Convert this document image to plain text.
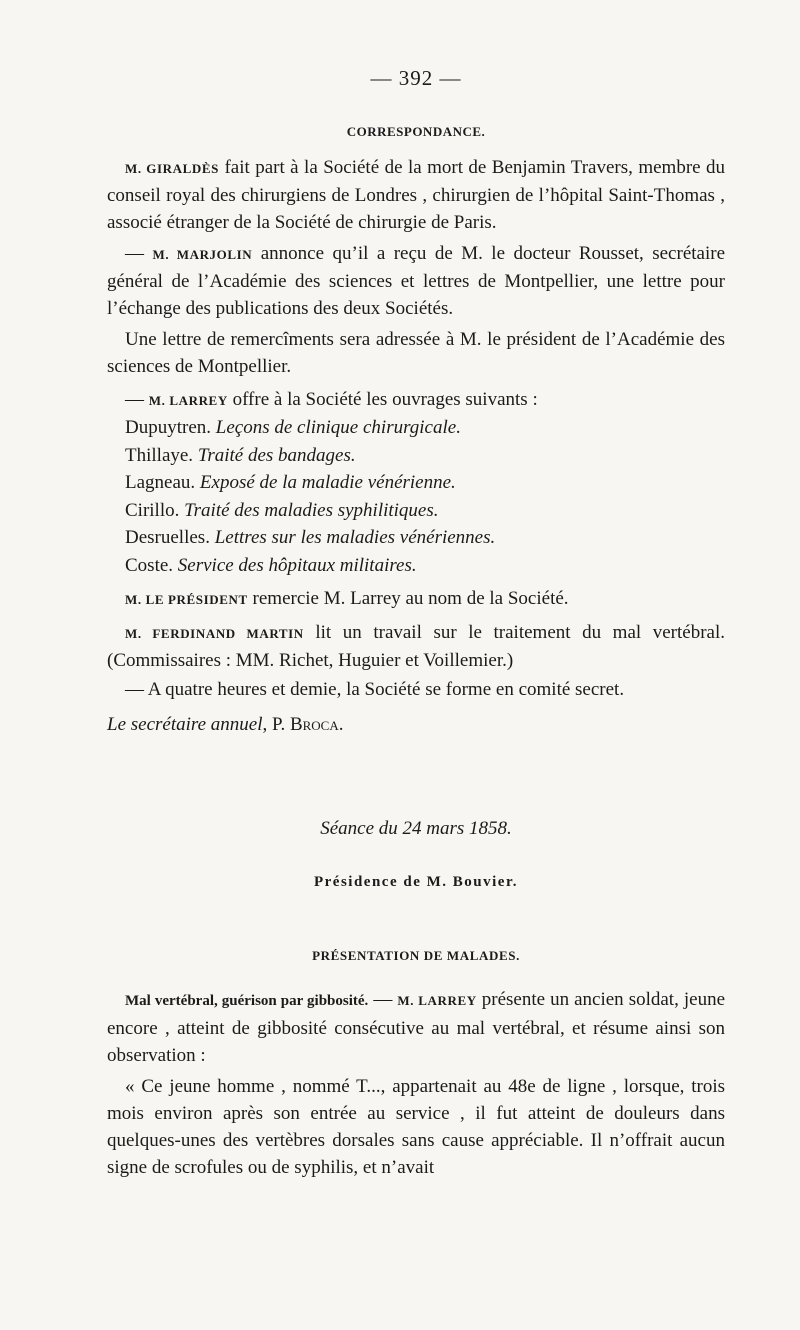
— 392 —
CORRESPONDANCE.

M. GIRALDÈS fait part à la Société de la mort de Benjamin Travers, membre du conseil royal des chirurgiens de Londres , chirurgien de l’hôpital Saint-Thomas , associé étranger de la Société de chirurgie de Paris.

— M. MARJOLIN annonce qu’il a reçu de M. le docteur Rousset, secrétaire général de l’Académie des sciences et lettres de Montpellier, une lettre pour l’échange des publications des deux Sociétés.

Une lettre de remercîments sera adressée à M. le président de l’Académie des sciences de Montpellier.

— M. LARREY offre à la Société les ouvrages suivants :

Dupuytren. Leçons de clinique chirurgicale.

Thillaye. Traité des bandages.

Lagneau. Exposé de la maladie vénérienne.

Cirillo. Traité des maladies syphilitiques.

Desruelles. Lettres sur les maladies vénériennes.

Coste. Service des hôpitaux militaires.

M. LE PRÉSIDENT remercie M. Larrey au nom de la Société.

M. FERDINAND MARTIN lit un travail sur le traitement du mal vertébral. (Commissaires : MM. Richet, Huguier et Voillemier.)

— A quatre heures et demie, la Société se forme en comité secret.

Le secrétaire annuel, P. Broca.

Séance du 24 mars 1858.
Présidence de M. Bouvier.
PRÉSENTATION DE MALADES.

Mal vertébral, guérison par gibbosité. — M. LARREY présente un ancien soldat, jeune encore , atteint de gibbosité consécutive au mal vertébral, et résume ainsi son observation :

« Ce jeune homme , nommé T..., appartenait au 48e de ligne , lorsque, trois mois environ après son entrée au service , il fut atteint de douleurs dans quelques-unes des vertèbres dorsales sans cause appréciable. Il n’offrait aucun signe de scrofules ou de syphilis, et n’avait
